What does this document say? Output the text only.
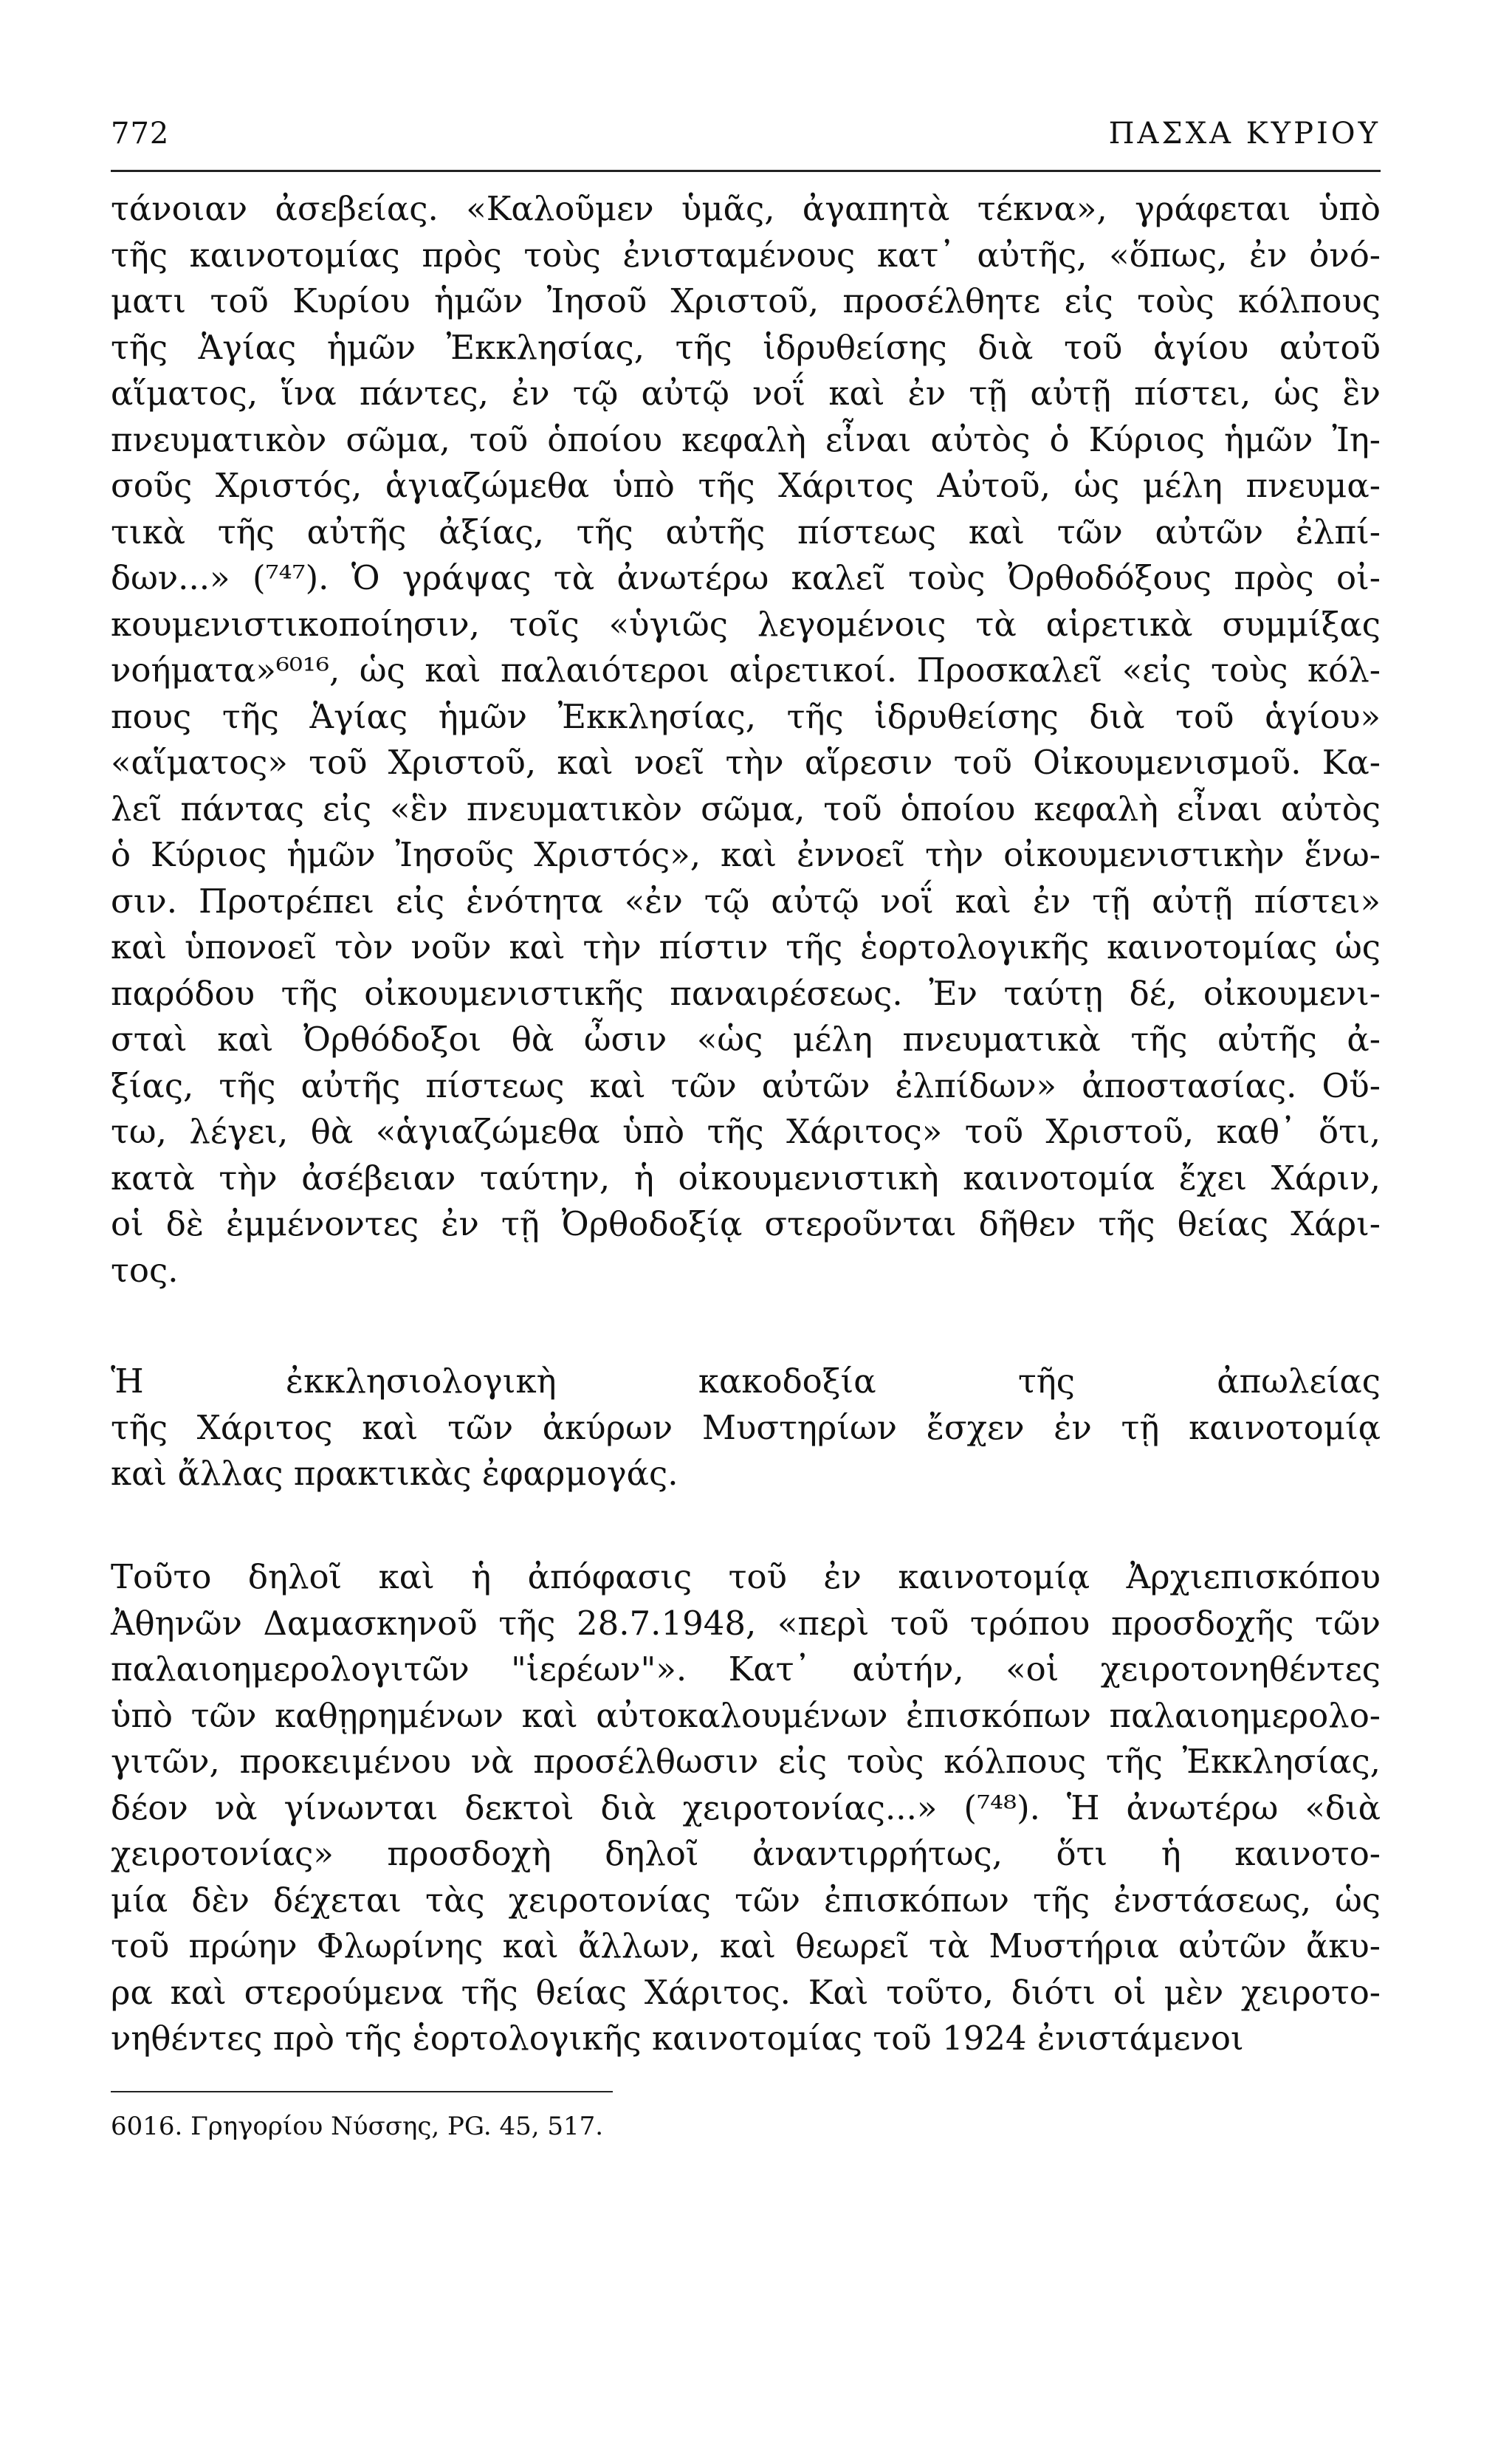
772	ΠΑΣΧΑ ΚΥΡΙΟΥ
τάνοιαν ἀσεβείας. «Καλοῦμεν ὑμᾶς, ἀγαπητὰ τέκνα», γράφεται ὑπὸ
τῆς καινοτομίας πρὸς τοὺς ἐνισταμένους κατ᾽ αὐτῆς, «ὅπως, ἐν ὀνό-
ματι τοῦ Κυρίου ἡμῶν Ἰησοῦ Χριστοῦ, προσέλθητε εἰς τοὺς κόλπους
τῆς Ἁγίας ἡμῶν Ἐκκλησίας, τῆς ἱδρυθείσης διὰ τοῦ ἁγίου αὐτοῦ
αἵματος, ἵνα πάντες, ἐν τῷ αὐτῷ νοΐ καὶ ἐν τῇ αὐτῇ πίστει, ὡς ἓν
πνευματικὸν σῶμα, τοῦ ὁποίου κεφαλὴ εἶναι αὐτὸς ὁ Κύριος ἡμῶν Ἰη-
σοῦς Χριστός, ἁγιαζώμεθα ὑπὸ τῆς Χάριτος Αὐτοῦ, ὡς μέλη πνευμα-
τικὰ τῆς αὐτῆς ἀξίας, τῆς αὐτῆς πίστεως καὶ τῶν αὐτῶν ἐλπί-
δων...» (⁷⁴⁷). Ὁ γράψας τὰ ἀνωτέρω καλεῖ τοὺς Ὀρθοδόξους πρὸς οἰ-
κουμενιστικοποίησιν, τοῖς «ὑγιῶς λεγομένοις τὰ αἱρετικὰ συμμίξας
νοήματα»⁶⁰¹⁶, ὡς καὶ παλαιότεροι αἱρετικοί. Προσκαλεῖ «εἰς τοὺς κόλ-
πους τῆς Ἁγίας ἡμῶν Ἐκκλησίας, τῆς ἱδρυθείσης διὰ τοῦ ἁγίου»
«αἵματος» τοῦ Χριστοῦ, καὶ νοεῖ τὴν αἵρεσιν τοῦ Οἰκουμενισμοῦ. Κα-
λεῖ πάντας εἰς «ἓν πνευματικὸν σῶμα, τοῦ ὁποίου κεφαλὴ εἶναι αὐτὸς
ὁ Κύριος ἡμῶν Ἰησοῦς Χριστός», καὶ ἐννοεῖ τὴν οἰκουμενιστικὴν ἕνω-
σιν. Προτρέπει εἰς ἑνότητα «ἐν τῷ αὐτῷ νοΐ καὶ ἐν τῇ αὐτῇ πίστει»
καὶ ὑπονοεῖ τὸν νοῦν καὶ τὴν πίστιν τῆς ἑορτολογικῆς καινοτομίας ὡς
παρόδου τῆς οἰκουμενιστικῆς παναιρέσεως. Ἐν ταύτῃ δέ, οἰκουμενι-
σταὶ καὶ Ὀρθόδοξοι θὰ ὦσιν «ὡς μέλη πνευματικὰ τῆς αὐτῆς ἀ-
ξίας, τῆς αὐτῆς πίστεως καὶ τῶν αὐτῶν ἐλπίδων» ἀποστασίας. Οὕ-
τω, λέγει, θὰ «ἁγιαζώμεθα ὑπὸ τῆς Χάριτος» τοῦ Χριστοῦ, καθ᾽ ὅτι,
κατὰ τὴν ἀσέβειαν ταύτην, ἡ οἰκουμενιστικὴ καινοτομία ἔχει Χάριν,
οἱ δὲ ἐμμένοντες ἐν τῇ Ὀρθοδοξίᾳ στεροῦνται δῆθεν τῆς θείας Χάρι-
τος.
Ἡ ἐκκλησιολογικὴ κακοδοξία τῆς ἀπωλείας
τῆς Χάριτος καὶ τῶν ἀκύρων Μυστηρίων ἔσχεν ἐν τῇ καινοτομίᾳ
καὶ ἄλλας πρακτικὰς ἐφαρμογάς.
Τοῦτο δηλοῖ καὶ ἡ ἀπόφασις τοῦ ἐν καινοτομίᾳ Ἀρχιεπισκόπου
Ἀθηνῶν Δαμασκηνοῦ τῆς 28.7.1948, «περὶ τοῦ τρόπου προσδοχῆς τῶν
παλαιοημερολογιτῶν "ἱερέων"». Κατ᾽ αὐτήν, «οἱ χειροτονηθέντες
ὑπὸ τῶν καθῃρημένων καὶ αὐτοκαλουμένων ἐπισκόπων παλαιοημερολο-
γιτῶν, προκειμένου νὰ προσέλθωσιν εἰς τοὺς κόλπους τῆς Ἐκκλησίας,
δέον νὰ γίνωνται δεκτοὶ διὰ χειροτονίας...» (⁷⁴⁸). Ἡ ἀνωτέρω «διὰ
χειροτονίας» προσδοχὴ δηλοῖ ἀναντιρρήτως, ὅτι ἡ καινοτο-
μία δὲν δέχεται τὰς χειροτονίας τῶν ἐπισκόπων τῆς ἐνστάσεως, ὡς
τοῦ πρώην Φλωρίνης καὶ ἄλλων, καὶ θεωρεῖ τὰ Μυστήρια αὐτῶν ἄκυ-
ρα καὶ στερούμενα τῆς θείας Χάριτος. Καὶ τοῦτο, διότι οἱ μὲν χειροτο-
νηθέντες πρὸ τῆς ἑορτολογικῆς καινοτομίας τοῦ 1924 ἐνιστάμενοι
6016. Γρηγορίου Νύσσης, PG. 45, 517.
